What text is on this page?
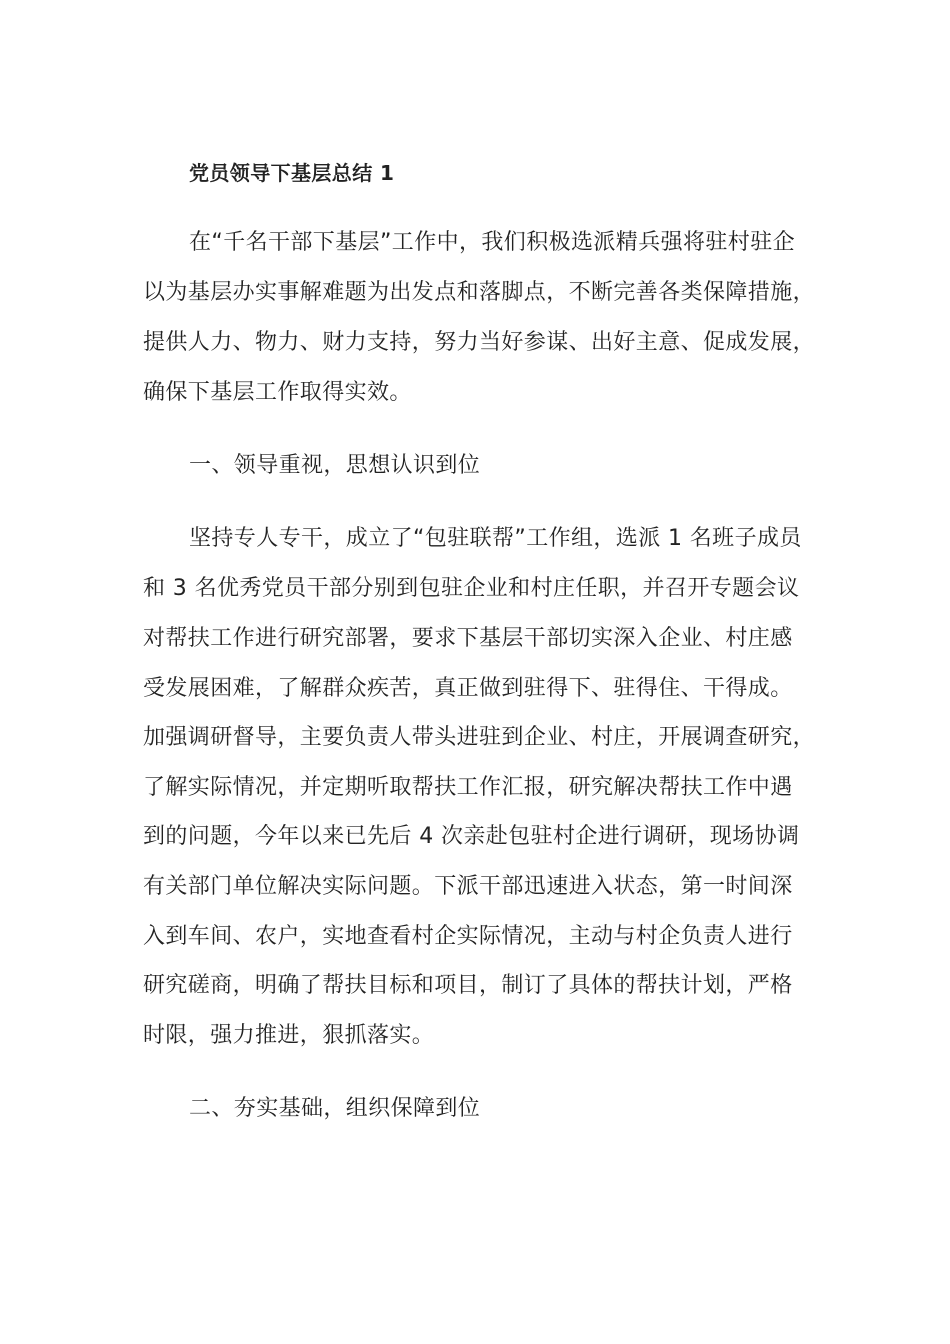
党员领导下基层总结 1

在“千名干部下基层”工作中，我们积极选派精兵强将驻村驻企

以为基层办实事解难题为出发点和落脚点，不断完善各类保障措施，

提供人力、物力、财力支持，努力当好参谋、出好主意、促成发展，

确保下基层工作取得实效。

一、领导重视，思想认识到位

坚持专人专干，成立了“包驻联帮”工作组，选派 1 名班子成员

和 3 名优秀党员干部分别到包驻企业和村庄任职，并召开专题会议

对帮扶工作进行研究部署，要求下基层干部切实深入企业、村庄感

受发展困难，了解群众疾苦，真正做到驻得下、驻得住、干得成。

加强调研督导，主要负责人带头进驻到企业、村庄，开展调查研究，

了解实际情况，并定期听取帮扶工作汇报，研究解决帮扶工作中遇

到的问题，今年以来已先后 4 次亲赴包驻村企进行调研，现场协调

有关部门单位解决实际问题。下派干部迅速进入状态，第一时间深

入到车间、农户，实地查看村企实际情况，主动与村企负责人进行

研究磋商，明确了帮扶目标和项目，制订了具体的帮扶计划，严格

时限，强力推进，狠抓落实。

二、夯实基础，组织保障到位
